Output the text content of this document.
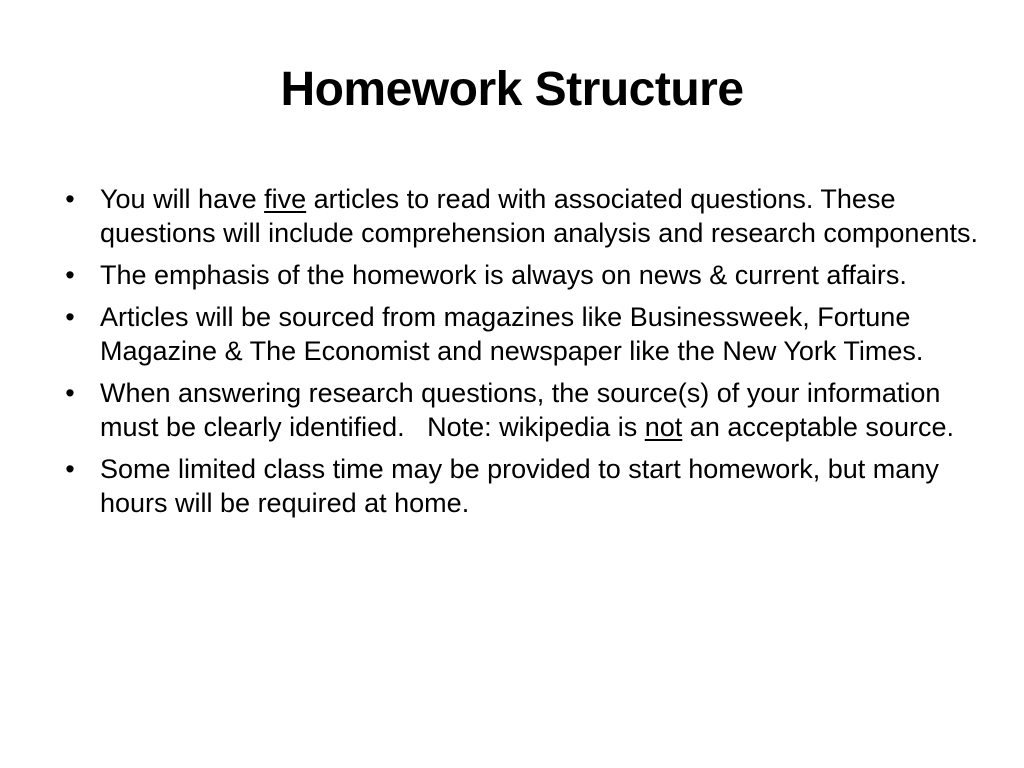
Homework Structure
• You will have five articles to read with associated questions. These questions will include comprehension analysis and research components.
• The emphasis of the homework is always on news & current affairs.
• Articles will be sourced from magazines like Businessweek, Fortune Magazine & The Economist and newspaper like the New York Times.
• When answering research questions, the source(s) of your information must be clearly identified.   Note: wikipedia is not an acceptable source.
• Some limited class time may be provided to start homework, but many hours will be required at home.
